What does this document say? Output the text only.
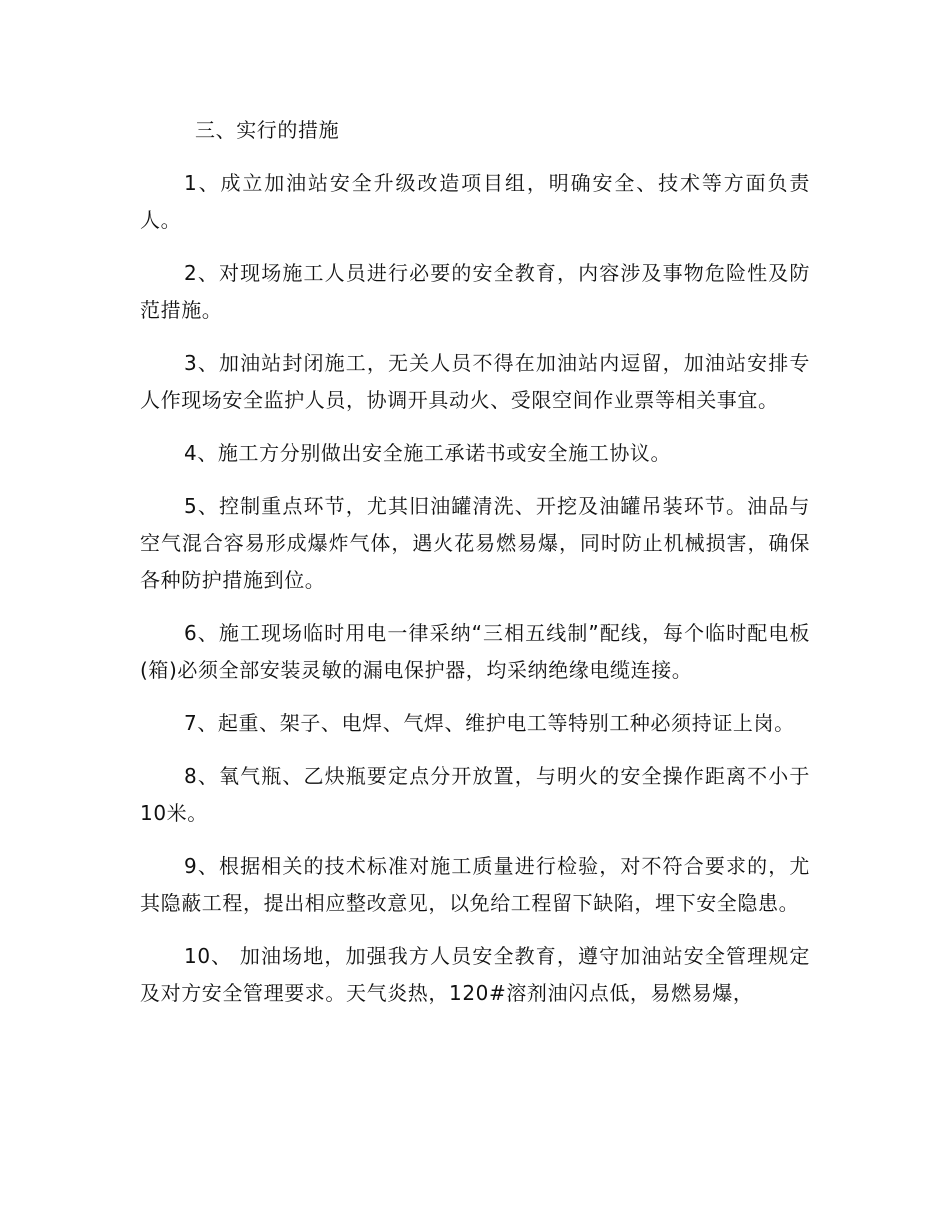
三、实行的措施

1、成立加油站安全升级改造项目组，明确安全、技术等方面负责人。

2、对现场施工人员进行必要的安全教育，内容涉及事物危险性及防范措施。

3、加油站封闭施工，无关人员不得在加油站内逗留，加油站安排专人作现场安全监护人员，协调开具动火、受限空间作业票等相关事宜。

4、施工方分别做出安全施工承诺书或安全施工协议。

5、控制重点环节，尤其旧油罐清洗、开挖及油罐吊装环节。油品与空气混合容易形成爆炸气体，遇火花易燃易爆，同时防止机械损害，确保各种防护措施到位。

6、施工现场临时用电一律采纳“三相五线制”配线，每个临时配电板(箱)必须全部安装灵敏的漏电保护器，均采纳绝缘电缆连接。

7、起重、架子、电焊、气焊、维护电工等特别工种必须持证上岗。

8、氧气瓶、乙炔瓶要定点分开放置，与明火的安全操作距离不小于10米。

9、根据相关的技术标准对施工质量进行检验，对不符合要求的，尤其隐蔽工程，提出相应整改意见，以免给工程留下缺陷，埋下安全隐患。

10、 加油场地，加强我方人员安全教育，遵守加油站安全管理规定及对方安全管理要求。天气炎热，120#溶剂油闪点低，易燃易爆，
